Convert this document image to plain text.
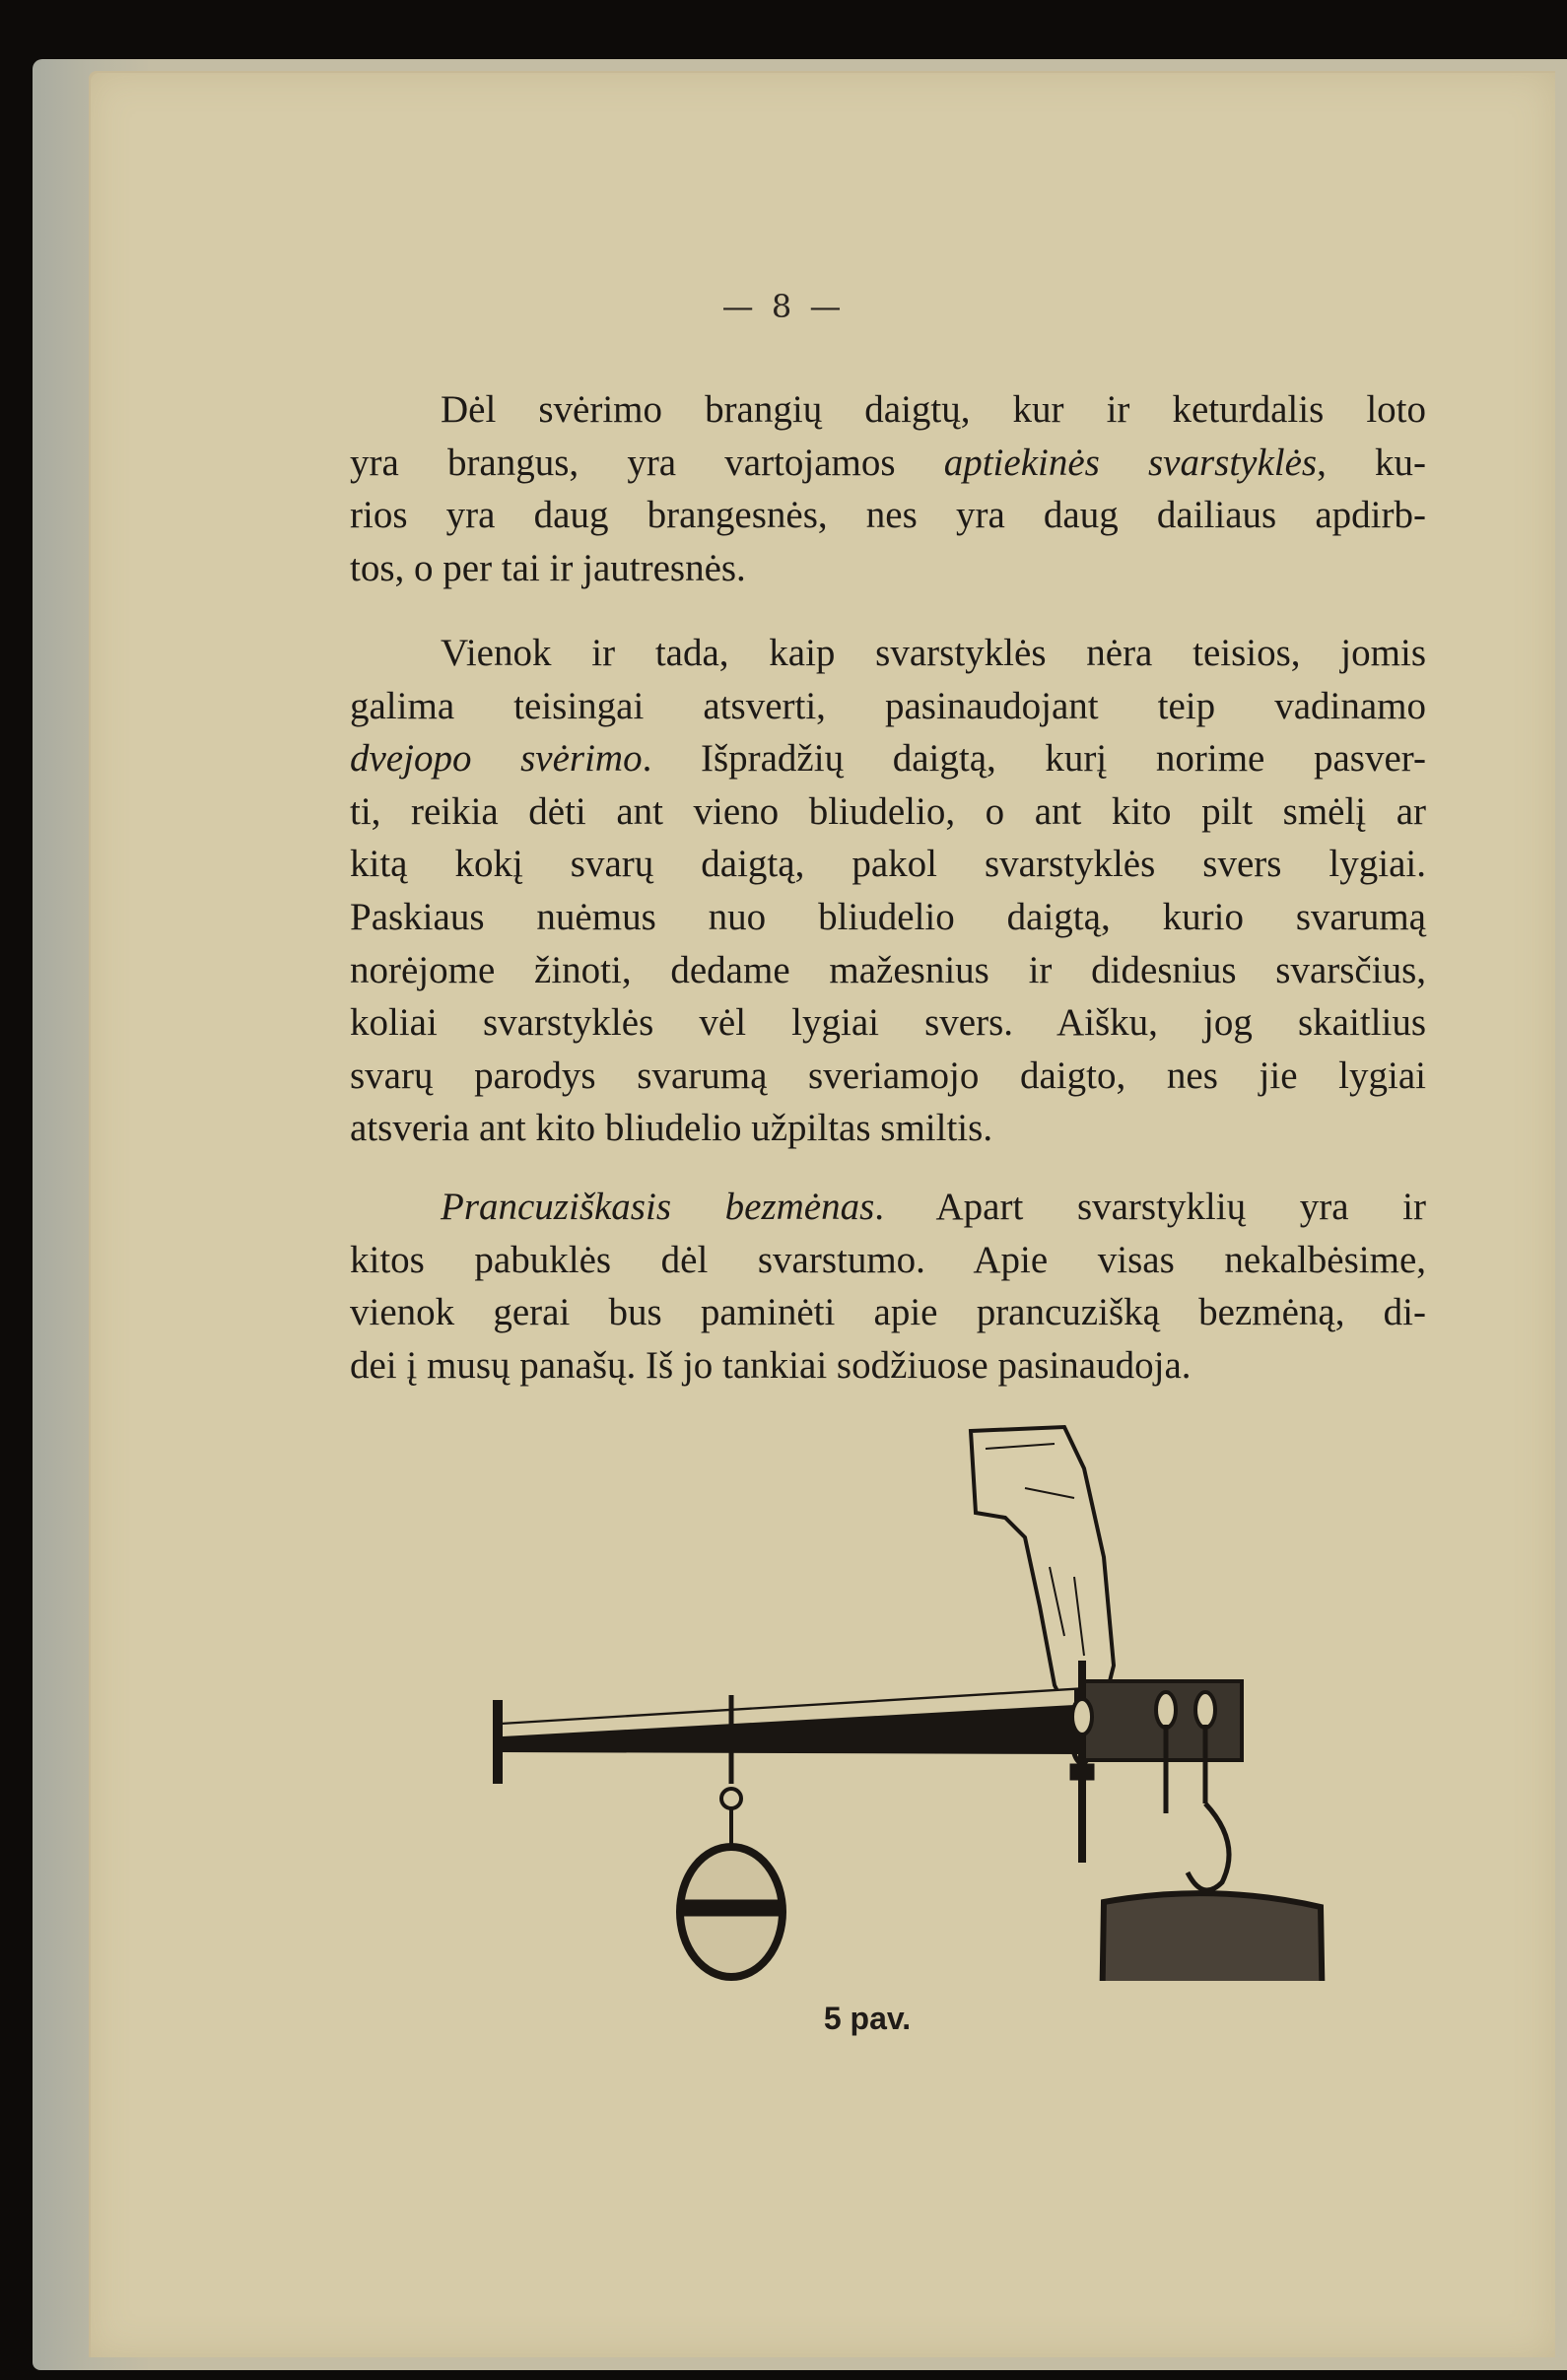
— 8 —
Dėl svėrimo brangių daigtų, kur ir keturdalis loto
yra brangus, yra vartojamos aptiekinės svarstyklės, ku-
rios yra daug brangesnės, nes yra daug dailiaus apdirb-
tos, o per tai ir jautresnės.
Vienok ir tada, kaip svarstyklės nėra teisios, jomis
galima teisingai atsverti, pasinaudojant teip vadinamo
dvejopo svėrimo. Išpradžių daigtą, kurį norime pasver-
ti, reikia dėti ant vieno bliudelio, o ant kito pilt smėlį ar
kitą kokį svarų daigtą, pakol svarstyklės svers lygiai.
Paskiaus nuėmus nuo bliudelio daigtą, kurio svarumą
norėjome žinoti, dedame mažesnius ir didesnius svarsčius,
koliai svarstyklės vėl lygiai svers. Aišku, jog skaitlius
svarų parodys svarumą sveriamojo daigto, nes jie lygiai
atsveria ant kito bliudelio užpiltas smiltis.
Prancuziškasis bezmėnas. Apart svarstyklių yra ir
kitos pabuklės dėl svarstumo. Apie visas nekalbėsime,
vienok gerai bus paminėti apie prancuzišką bezmėną, di-
dei į musų panašų. Iš jo tankiai sodžiuose pasinaudoja.
5 pav.
